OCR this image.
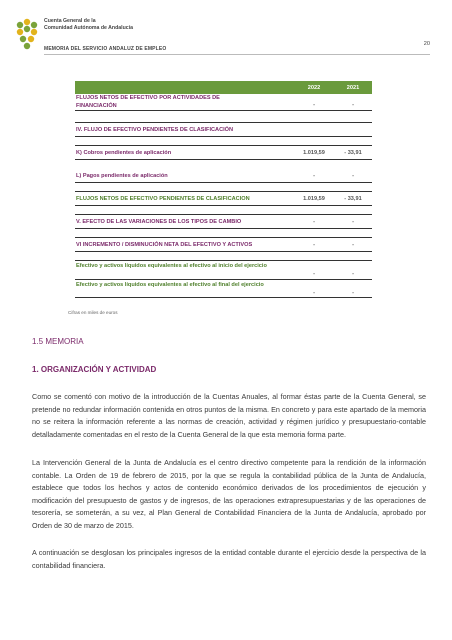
Cuenta General de la
Comunidad Autónoma de Andalucía
MEMORIA DEL SERVICIO ANDALUZ DE EMPLEO
20
2022	2021
FLUJOS NETOS DE EFECTIVO POR ACTIVIDADES DE FINANCIACIÓN	-	-
IV. FLUJO DE EFECTIVO PENDIENTES DE CLASIFICACIÓN
K) Cobros pendientes de aplicación	1.019,59	- 33,91
L) Pagos pendientes de aplicación	-	-
FLUJOS NETOS DE EFECTIVO PENDIENTES DE CLASIFICACION	1.019,59	- 33,91
V. EFECTO DE LAS VARIACIONES DE LOS TIPOS DE CAMBIO	-	-
VI INCREMENTO / DISMINUCIÓN NETA DEL EFECTIVO Y ACTIVOS	-	-
Efectivo y activos líquidos equivalentes al efectivo al inicio del ejercicio
-	-
Efectivo y activos líquidos equivalentes al efectivo al final del ejercicio
-	-
Cifras en miles de euros
1.5 MEMORIA
1. ORGANIZACIÓN Y ACTIVIDAD

Como se comentó con motivo de la introducción de la Cuentas Anuales, al formar éstas parte de la Cuenta General, se pretende no redundar información contenida en otros puntos de la misma. En concreto y para este apartado de la memoria no se reitera la información referente a las normas de creación, actividad y régimen jurídico y presupuestario-contable detalladamente comentadas en el resto de la Cuenta General de la que esta memoria forma parte.

La Intervención General de la Junta de Andalucía es el centro directivo competente para la rendición de la información contable. La Orden de 19 de febrero de 2015, por la que se regula la contabilidad pública de la Junta de Andalucía, establece que todos los hechos y actos de contenido económico derivados de los procedimientos de ejecución y modificación del presupuesto de gastos y de ingresos, de las operaciones extrapresupuestarias y de las operaciones de tesorería, se someterán, a su vez, al Plan General de Contabilidad Financiera de la Junta de Andalucía, aprobado por Orden de 30 de marzo de 2015.

A continuación se desglosan los principales ingresos de la entidad contable durante el ejercicio desde la perspectiva de la contabilidad financiera.
